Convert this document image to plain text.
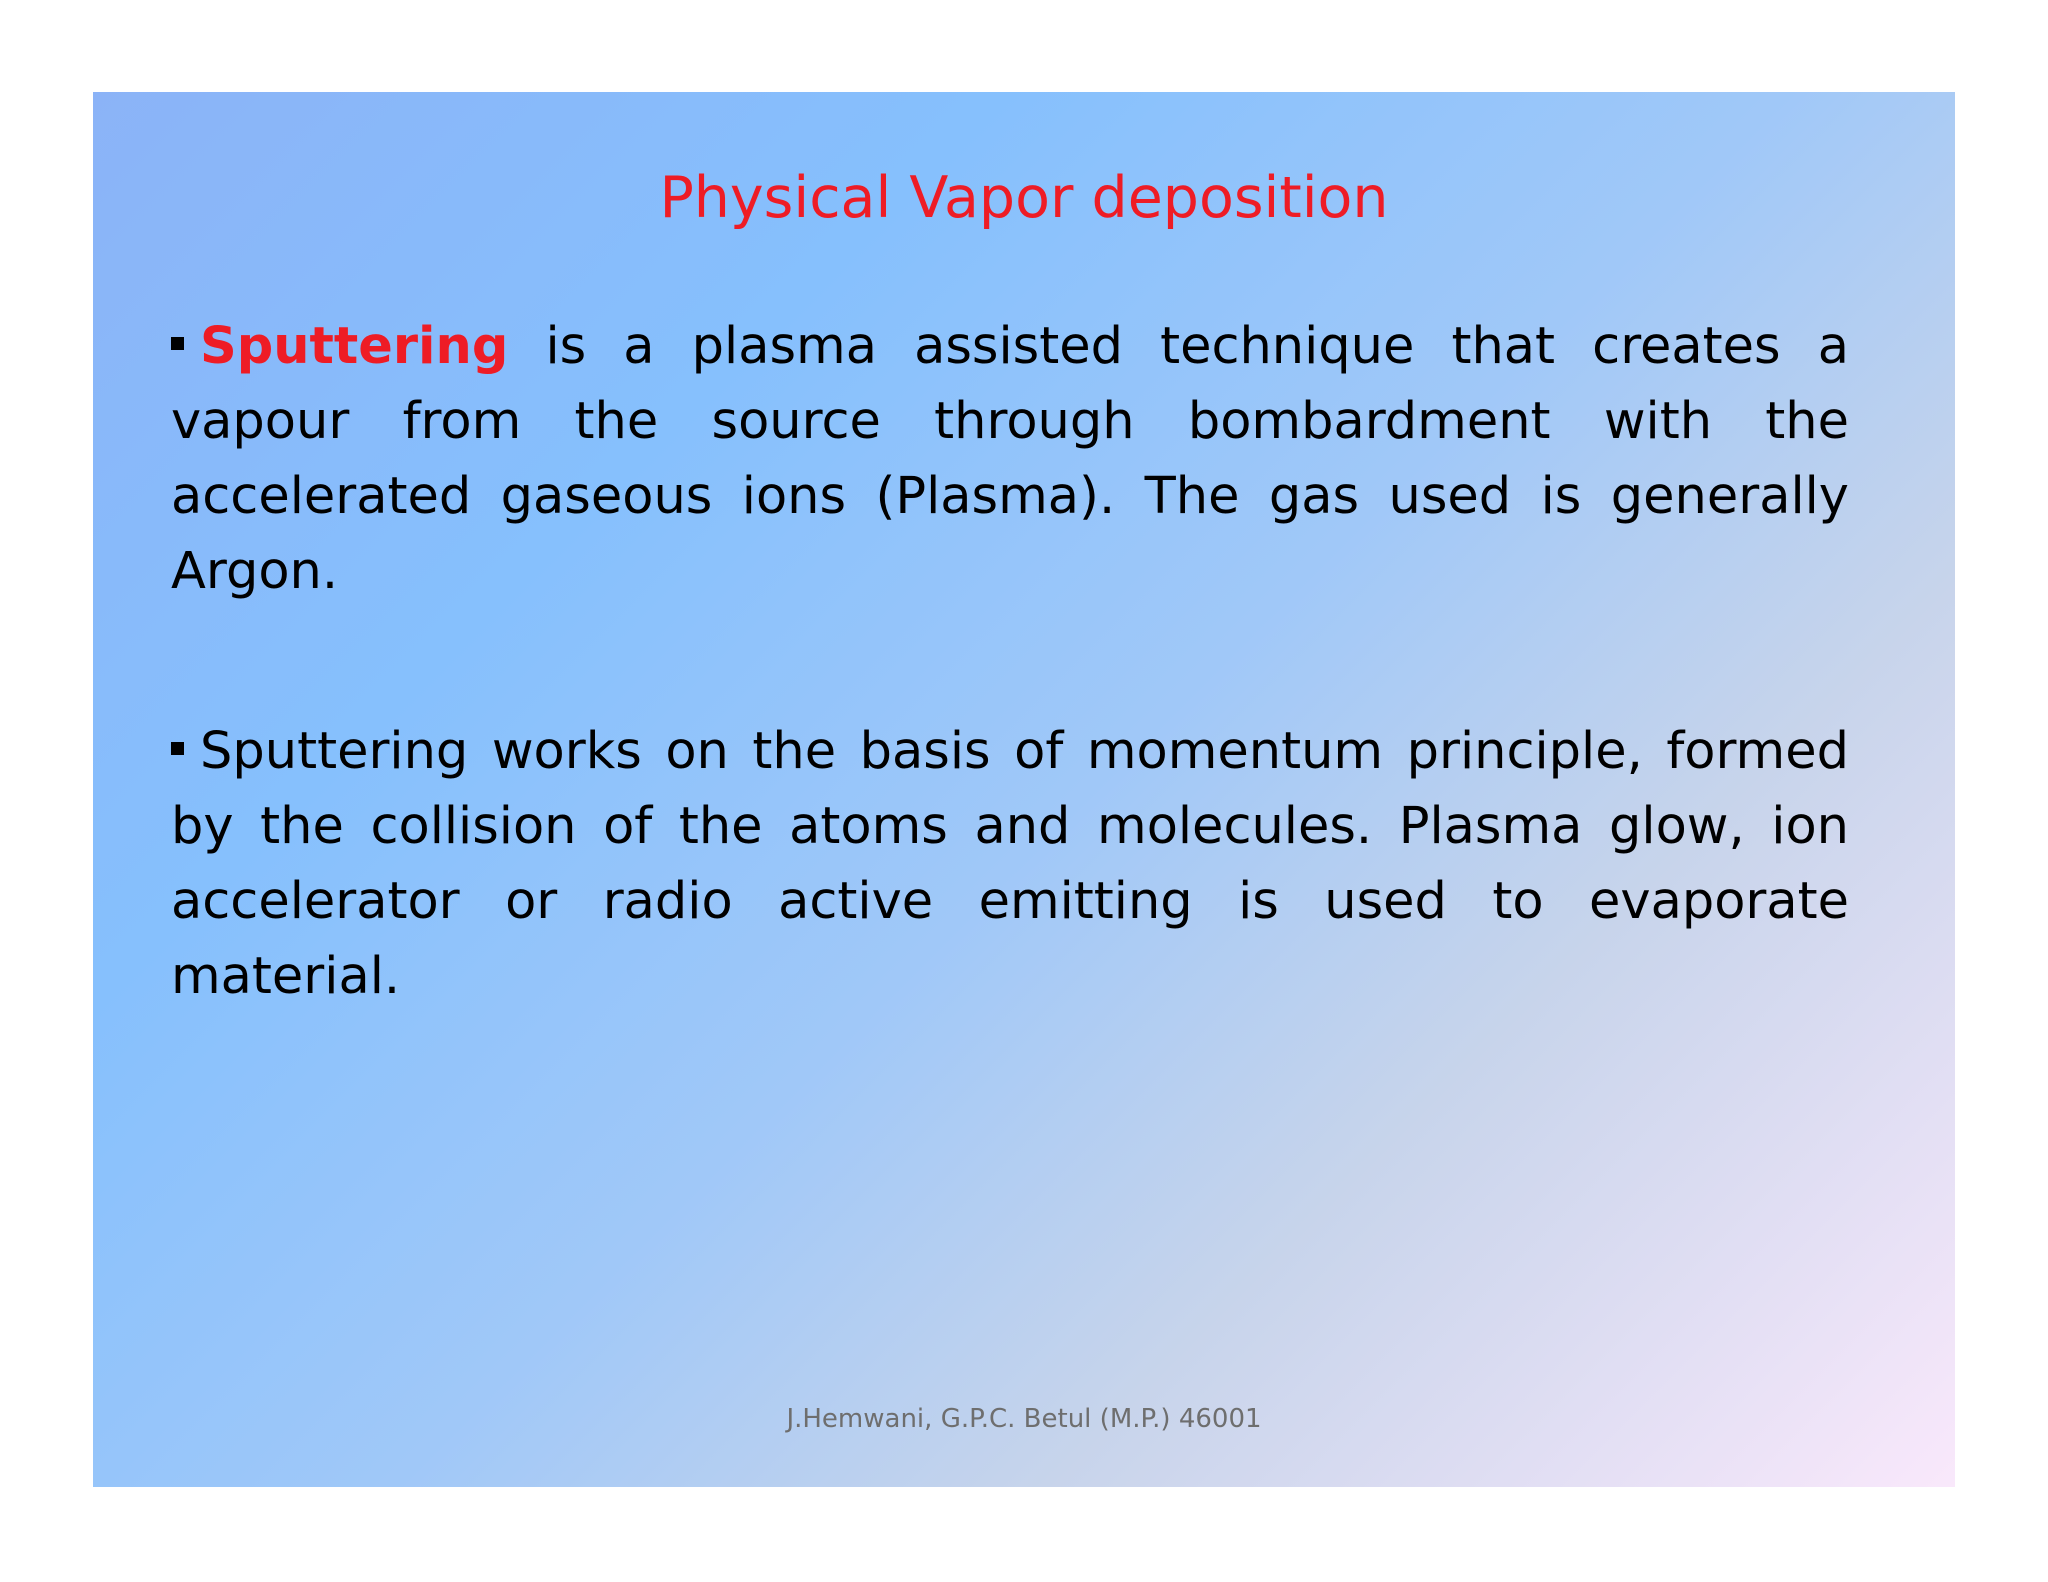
Physical Vapor deposition
Sputtering is a plasma assisted technique that creates a vapour from the source through bombardment with the accelerated gaseous ions (Plasma). The gas used is generally Argon.
Sputtering works on the basis of momentum principle, formed by the collision of the atoms and molecules. Plasma glow, ion accelerator or radio active emitting is used to evaporate material.
J.Hemwani, G.P.C. Betul (M.P.) 46001
